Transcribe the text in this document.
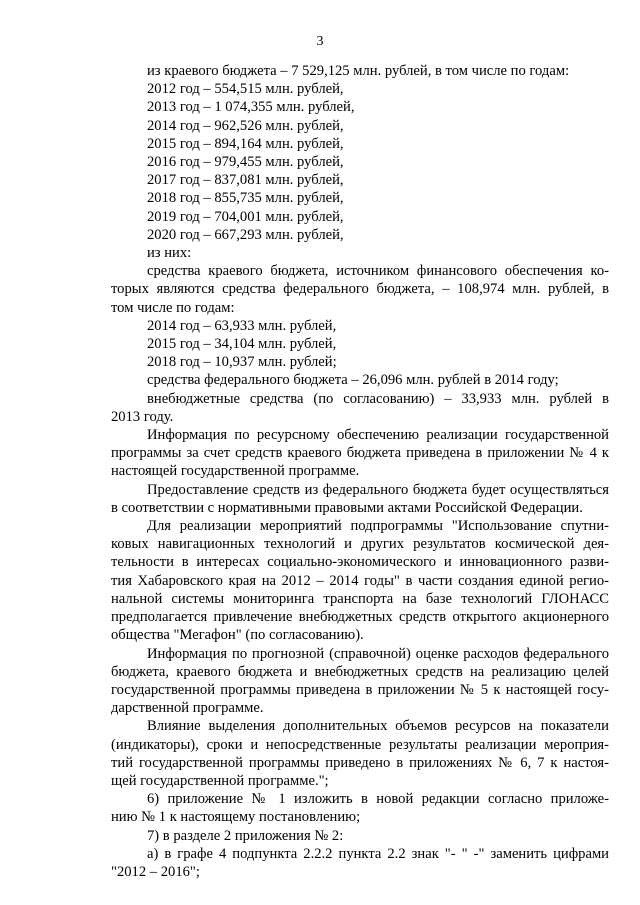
3

из краевого бюджета – 7 529,125 млн. рублей, в том числе по годам:

2012 год – 554,515 млн. рублей,

2013 год – 1 074,355 млн. рублей,

2014 год – 962,526 млн. рублей,

2015 год – 894,164 млн. рублей,

2016 год – 979,455 млн. рублей,

2017 год – 837,081 млн. рублей,

2018 год – 855,735 млн. рублей,

2019 год – 704,001 млн. рублей,

2020 год – 667,293 млн. рублей,

из них:

средства краевого бюджета, источником финансового обеспечения ко-
торых являются средства федерального бюджета, – 108,974 млн. рублей, в
том числе по годам:

2014 год – 63,933 млн. рублей,

2015 год – 34,104 млн. рублей,

2018 год – 10,937 млн. рублей;

средства федерального бюджета – 26,096 млн. рублей в 2014 году;

внебюджетные средства (по согласованию) – 33,933 млн. рублей в
2013 году.
Информация по ресурсному обеспечению реализации государственной
программы за счет средств краевого бюджета приведена в приложении № 4 к
настоящей государственной программе.
Предоставление средств из федерального бюджета будет осуществляться
в соответствии с нормативными правовыми актами Российской Федерации.
Для реализации мероприятий подпрограммы "Использование спутни-
ковых навигационных технологий и других результатов космической дея-
тельности в интересах социально-экономического и инновационного разви-
тия Хабаровского края на 2012 – 2014 годы" в части создания единой регио-
нальной системы мониторинга транспорта на базе технологий ГЛОНАСС
предполагается привлечение внебюджетных средств открытого акционерного
общества "Мегафон" (по согласованию).
Информация по прогнозной (справочной) оценке расходов федерального
бюджета, краевого бюджета и внебюджетных средств на реализацию целей
государственной программы приведена в приложении № 5 к настоящей госу-
дарственной программе.
Влияние выделения дополнительных объемов ресурсов на показатели
(индикаторы), сроки и непосредственные результаты реализации мероприя-
тий государственной программы приведено в приложениях № 6, 7 к настоя-
щей государственной программе.";
6) приложение № 1 изложить в новой редакции согласно приложе-
нию № 1 к настоящему постановлению;
7) в разделе 2 приложения № 2:
а) в графе 4 подпункта 2.2.2 пункта 2.2 знак "- " -" заменить цифрами
"2012 – 2016";
